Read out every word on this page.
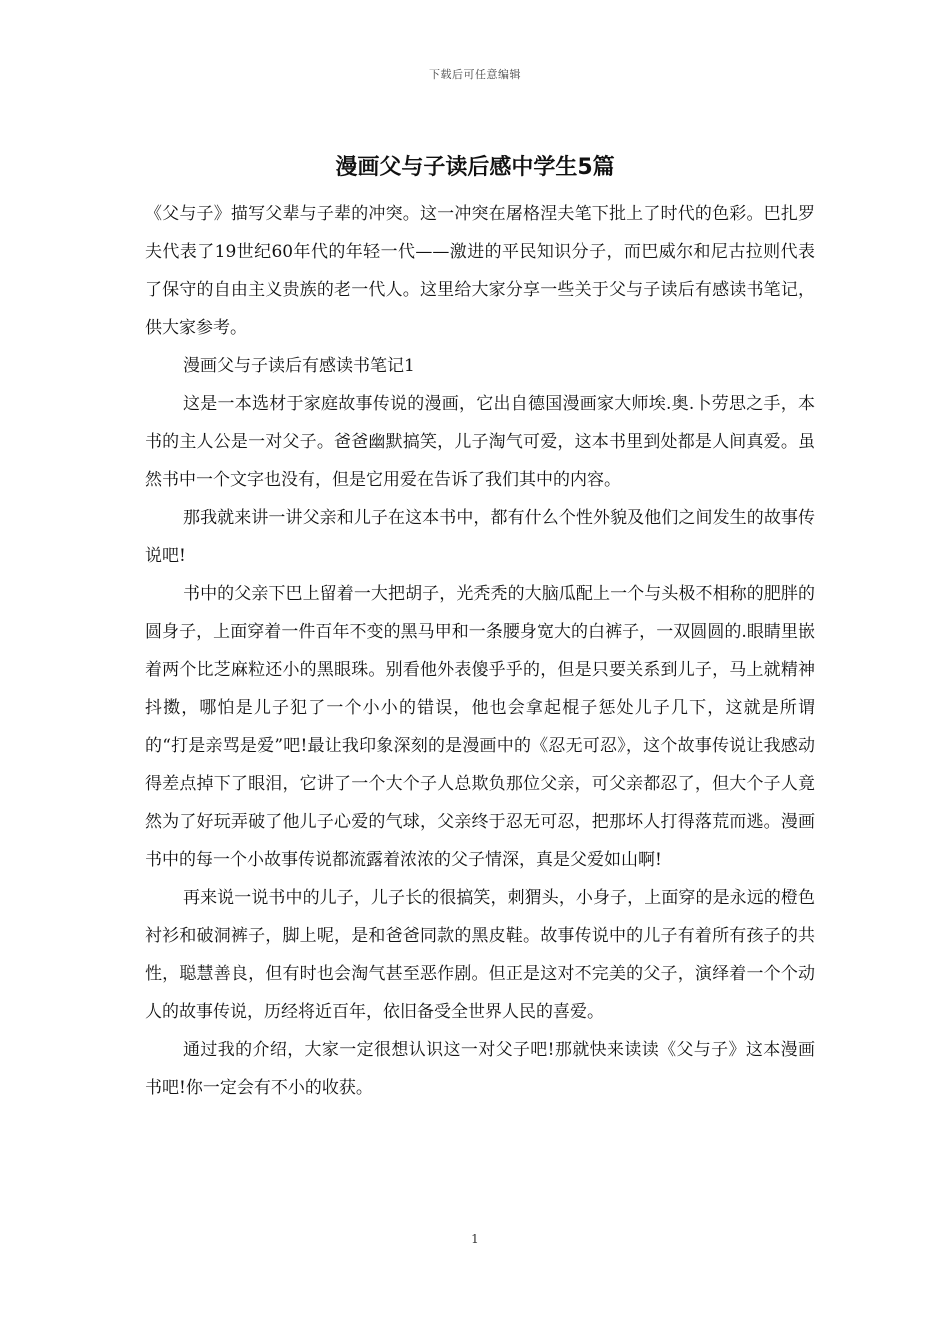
下载后可任意编辑
漫画父与子读后感中学生5篇

《父与子》描写父辈与子辈的冲突。这一冲突在屠格涅夫笔下批上了时代的色彩。巴扎罗夫代表了19世纪60年代的年轻一代——激进的平民知识分子，而巴威尔和尼古拉则代表了保守的自由主义贵族的老一代人。这里给大家分享一些关于父与子读后有感读书笔记，供大家参考。

漫画父与子读后有感读书笔记1

这是一本选材于家庭故事传说的漫画，它出自德国漫画家大师埃.奥.卜劳思之手，本书的主人公是一对父子。爸爸幽默搞笑，儿子淘气可爱，这本书里到处都是人间真爱。虽然书中一个文字也没有，但是它用爱在告诉了我们其中的内容。

那我就来讲一讲父亲和儿子在这本书中，都有什么个性外貌及他们之间发生的故事传说吧!

书中的父亲下巴上留着一大把胡子，光秃秃的大脑瓜配上一个与头极不相称的肥胖的圆身子，上面穿着一件百年不变的黑马甲和一条腰身宽大的白裤子，一双圆圆的.眼睛里嵌着两个比芝麻粒还小的黑眼珠。别看他外表傻乎乎的，但是只要关系到儿子，马上就精神抖擞，哪怕是儿子犯了一个小小的错误，他也会拿起棍子惩处儿子几下，这就是所谓的“打是亲骂是爱”吧!最让我印象深刻的是漫画中的《忍无可忍》，这个故事传说让我感动得差点掉下了眼泪，它讲了一个大个子人总欺负那位父亲，可父亲都忍了，但大个子人竟然为了好玩弄破了他儿子心爱的气球，父亲终于忍无可忍，把那坏人打得落荒而逃。漫画书中的每一个小故事传说都流露着浓浓的父子情深，真是父爱如山啊!

再来说一说书中的儿子，儿子长的很搞笑，刺猬头，小身子，上面穿的是永远的橙色衬衫和破洞裤子，脚上呢，是和爸爸同款的黑皮鞋。故事传说中的儿子有着所有孩子的共性，聪慧善良，但有时也会淘气甚至恶作剧。但正是这对不完美的父子，演绎着一个个动人的故事传说，历经将近百年，依旧备受全世界人民的喜爱。

通过我的介绍，大家一定很想认识这一对父子吧!那就快来读读《父与子》这本漫画书吧!你一定会有不小的收获。

1
